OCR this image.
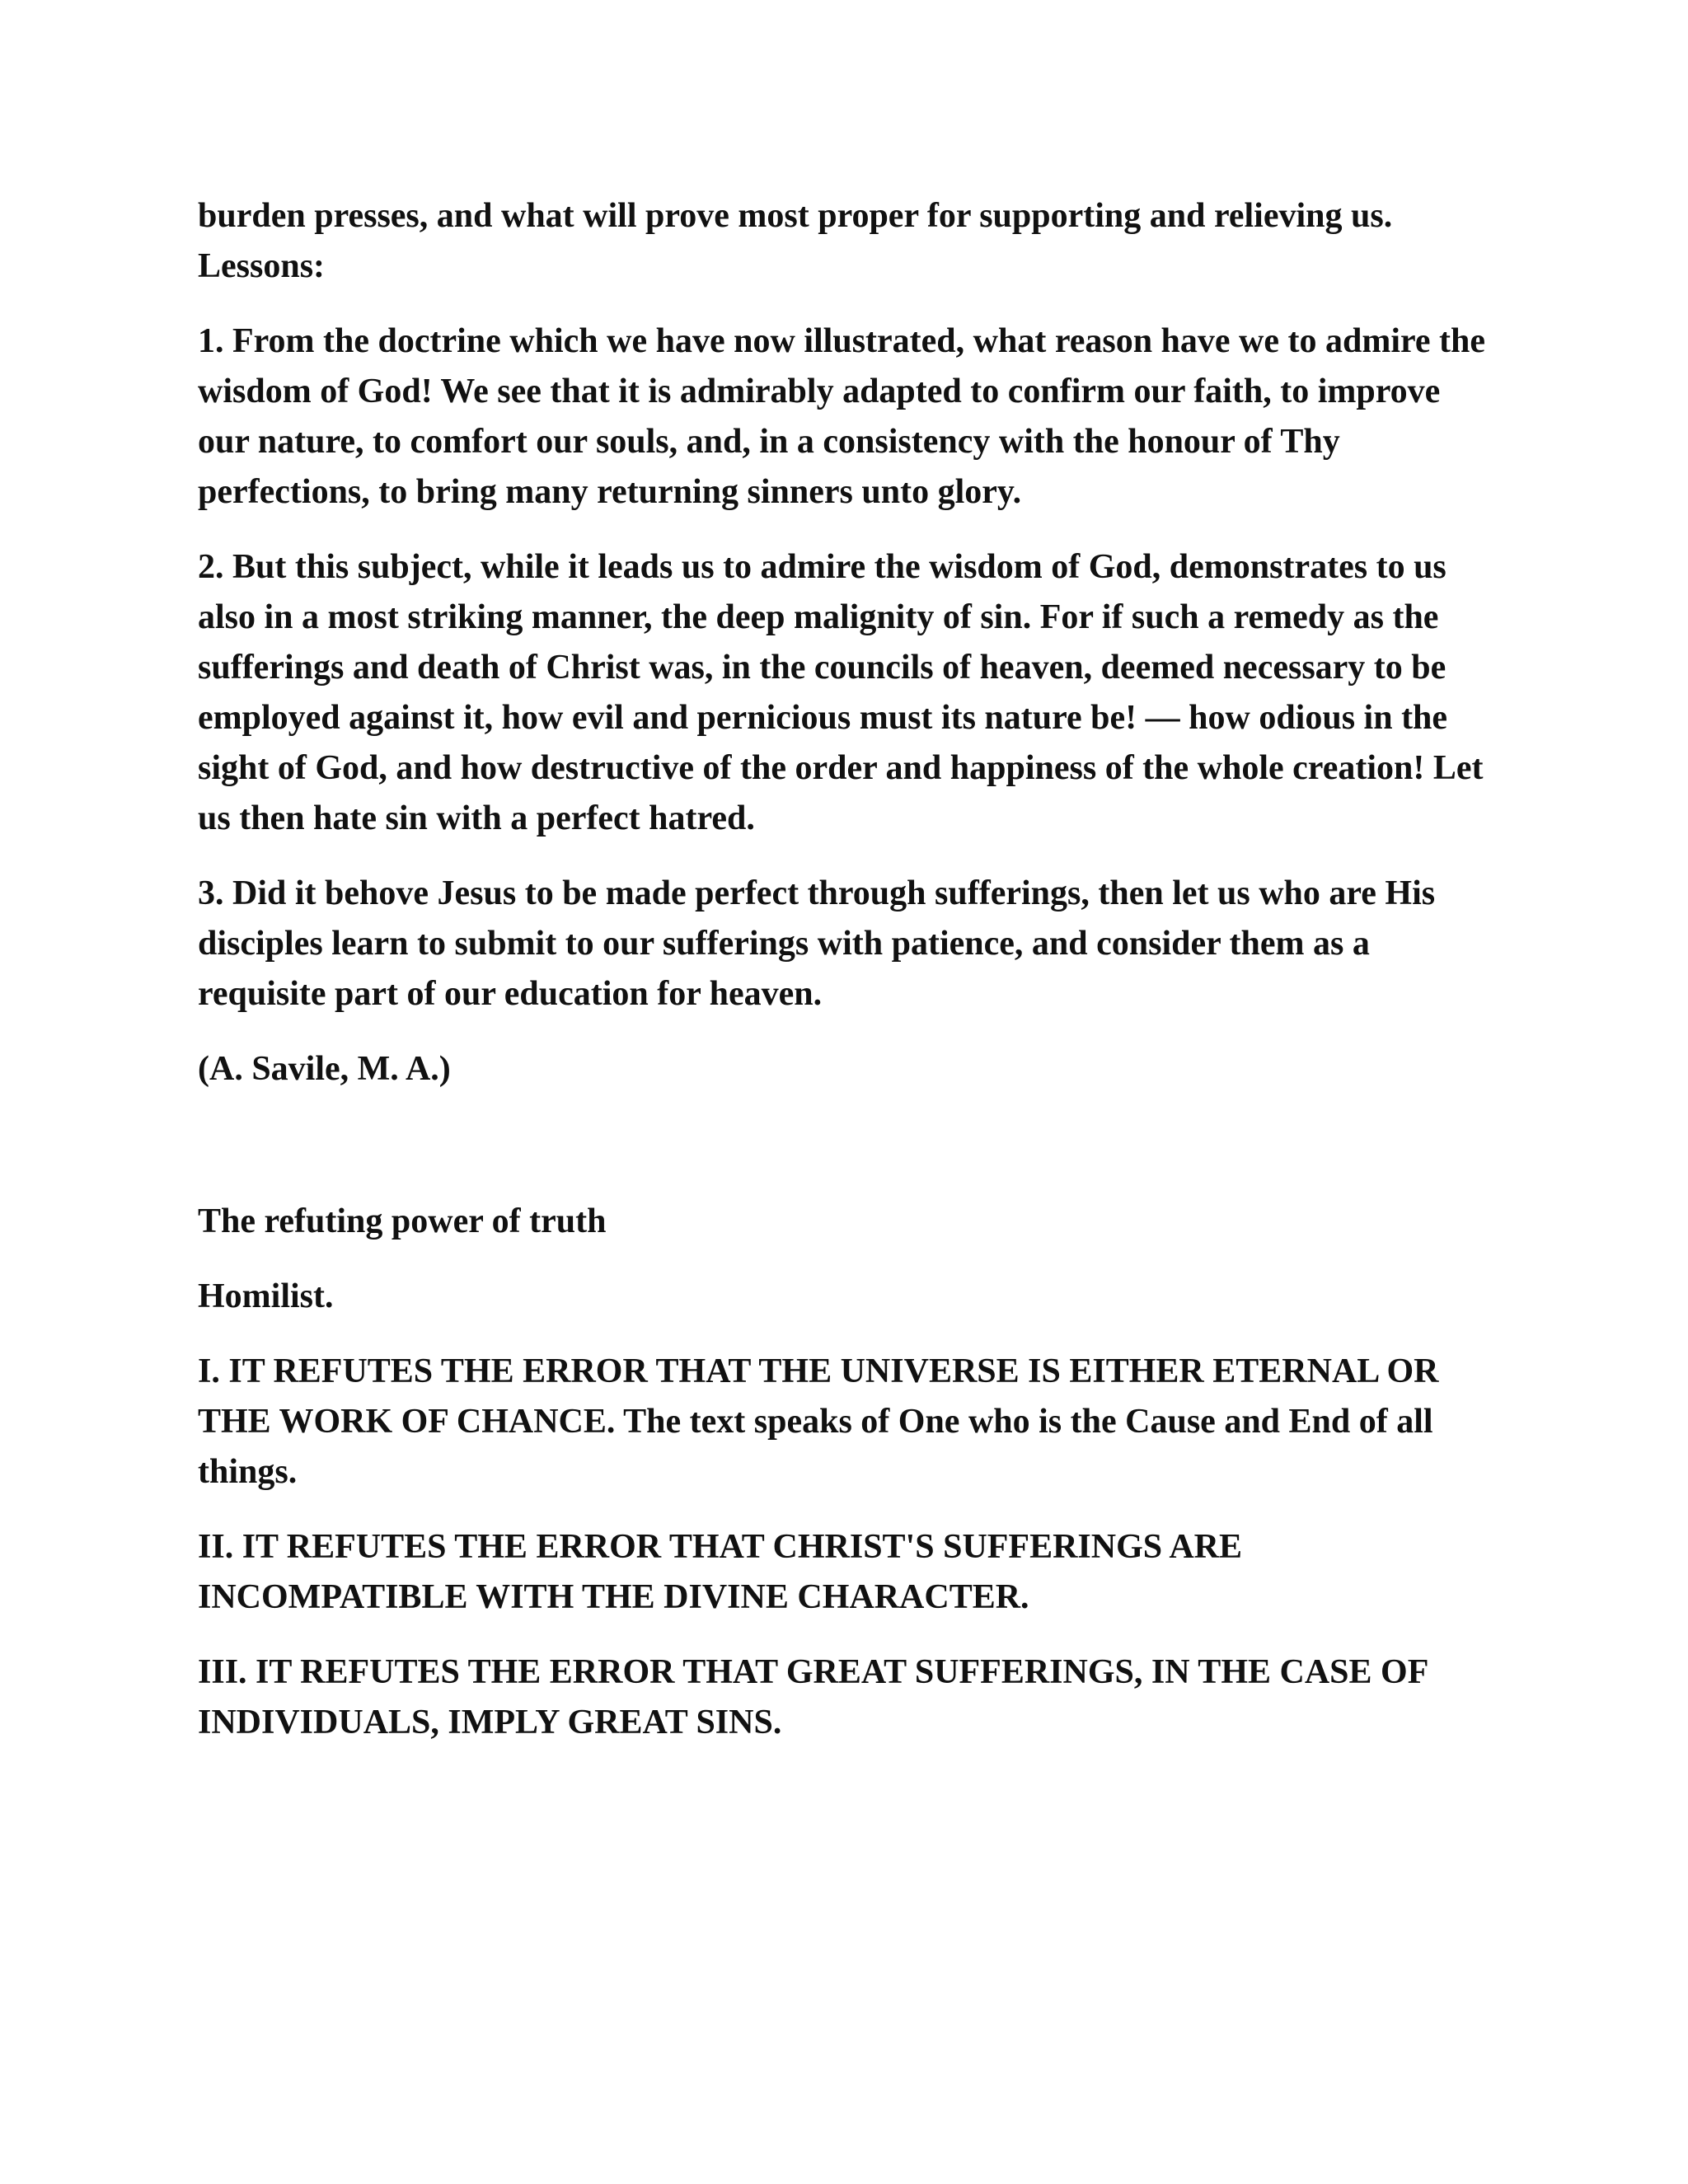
burden presses, and what will prove most proper for supporting and relieving us. Lessons:

1. From the doctrine which we have now illustrated, what reason have we to admire the wisdom of God! We see that it is admirably adapted to confirm our faith, to improve our nature, to comfort our souls, and, in a consistency with the honour of Thy perfections, to bring many returning sinners unto glory.

2. But this subject, while it leads us to admire the wisdom of God, demonstrates to us also in a most striking manner, the deep malignity of sin. For if such a remedy as the sufferings and death of Christ was, in the councils of heaven, deemed necessary to be employed against it, how evil and pernicious must its nature be! — how odious in the sight of God, and how destructive of the order and happiness of the whole creation! Let us then hate sin with a perfect hatred.

3. Did it behove Jesus to be made perfect through sufferings, then let us who are His disciples learn to submit to our sufferings with patience, and consider them as a requisite part of our education for heaven.

(A. Savile, M. A.)

The refuting power of truth

Homilist.

I. IT REFUTES THE ERROR THAT THE UNIVERSE IS EITHER ETERNAL OR THE WORK OF CHANCE. The text speaks of One who is the Cause and End of all things.

II. IT REFUTES THE ERROR THAT CHRIST'S SUFFERINGS ARE INCOMPATIBLE WITH THE DIVINE CHARACTER.

III. IT REFUTES THE ERROR THAT GREAT SUFFERINGS, IN THE CASE OF INDIVIDUALS, IMPLY GREAT SINS.
